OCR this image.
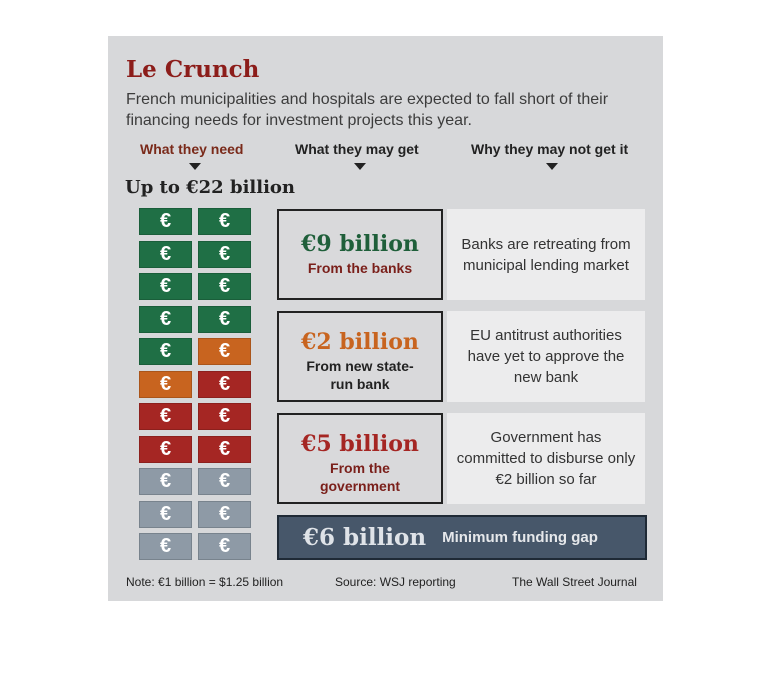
Le Crunch
French municipalities and hospitals are expected to fall short of their financing needs for investment projects this year.
What they need	What they may get	Why they may not get it
Up to €22 billion
€	€
€	€
€	€
€	€
€	€
€	€
€	€
€	€
€	€
€	€
€	€
€9 billion
From the banks
Banks are retreating from municipal lending market
€2 billion
From new state-run bank
EU antitrust authorities have yet to approve the new bank
€5 billion
From the government
Government has committed to disburse only €2 billion so far
€6 billion Minimum funding gap
Note: €1 billion = $1.25 billion	Source: WSJ reporting	The Wall Street Journal
